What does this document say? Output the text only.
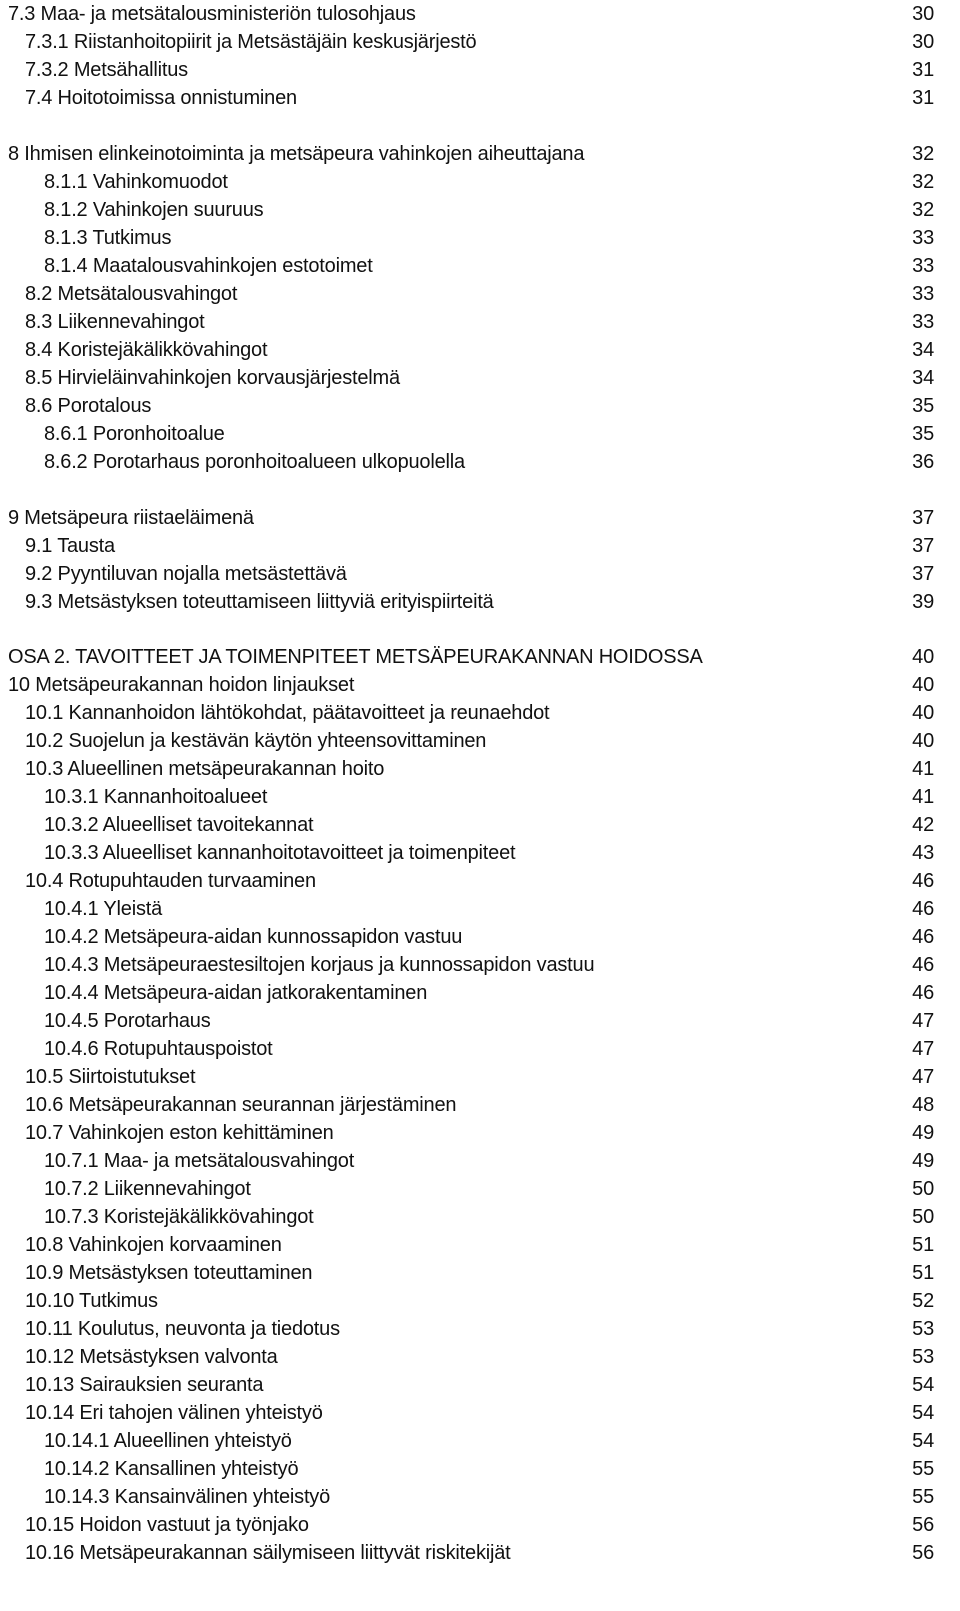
7.3 Maa- ja metsätalousministeriön tulosohjaus	30
7.3.1 Riistanhoitopiirit ja Metsästäjäin keskusjärjestö	30
7.3.2 Metsähallitus	31
7.4 Hoitotoimissa onnistuminen	31
8 Ihmisen elinkeinotoiminta ja metsäpeura vahinkojen aiheuttajana	32
8.1.1 Vahinkomuodot	32
8.1.2 Vahinkojen suuruus	32
8.1.3 Tutkimus	33
8.1.4 Maatalousvahinkojen estotoimet	33
8.2 Metsätalousvahingot	33
8.3 Liikennevahingot	33
8.4 Koristejäkälikkövahingot	34
8.5 Hirvieläinvahinkojen korvausjärjestelmä	34
8.6 Porotalous	35
8.6.1 Poronhoitoalue	35
8.6.2 Porotarhaus poronhoitoalueen ulkopuolella	36
9 Metsäpeura riistaeläimenä	37
9.1 Tausta	37
9.2 Pyyntiluvan nojalla metsästettävä	37
9.3 Metsästyksen toteuttamiseen liittyviä erityispiirteitä	39
OSA 2. TAVOITTEET JA TOIMENPITEET METSÄPEURAKANNAN HOIDOSSA	40
10 Metsäpeurakannan hoidon linjaukset	40
10.1 Kannanhoidon lähtökohdat, päätavoitteet ja reunaehdot	40
10.2 Suojelun ja kestävän käytön yhteensovittaminen	40
10.3 Alueellinen metsäpeurakannan hoito	41
10.3.1 Kannanhoitoalueet	41
10.3.2 Alueelliset tavoitekannat	42
10.3.3 Alueelliset kannanhoitotavoitteet ja toimenpiteet	43
10.4 Rotupuhtauden turvaaminen	46
10.4.1 Yleistä	46
10.4.2 Metsäpeura-aidan kunnossapidon vastuu	46
10.4.3 Metsäpeuraestesiltojen korjaus ja kunnossapidon vastuu	46
10.4.4 Metsäpeura-aidan jatkorakentaminen	46
10.4.5 Porotarhaus	47
10.4.6 Rotupuhtauspoistot	47
10.5 Siirtoistutukset	47
10.6 Metsäpeurakannan seurannan järjestäminen	48
10.7 Vahinkojen eston kehittäminen	49
10.7.1 Maa- ja metsätalousvahingot	49
10.7.2 Liikennevahingot	50
10.7.3 Koristejäkälikkövahingot	50
10.8 Vahinkojen korvaaminen	51
10.9 Metsästyksen toteuttaminen	51
10.10 Tutkimus	52
10.11 Koulutus, neuvonta ja tiedotus	53
10.12 Metsästyksen valvonta	53
10.13 Sairauksien seuranta	54
10.14 Eri tahojen välinen yhteistyö	54
10.14.1 Alueellinen yhteistyö	54
10.14.2 Kansallinen yhteistyö	55
10.14.3 Kansainvälinen yhteistyö	55
10.15 Hoidon vastuut ja työnjako	56
10.16 Metsäpeurakannan säilymiseen liittyvät riskitekijät	56
